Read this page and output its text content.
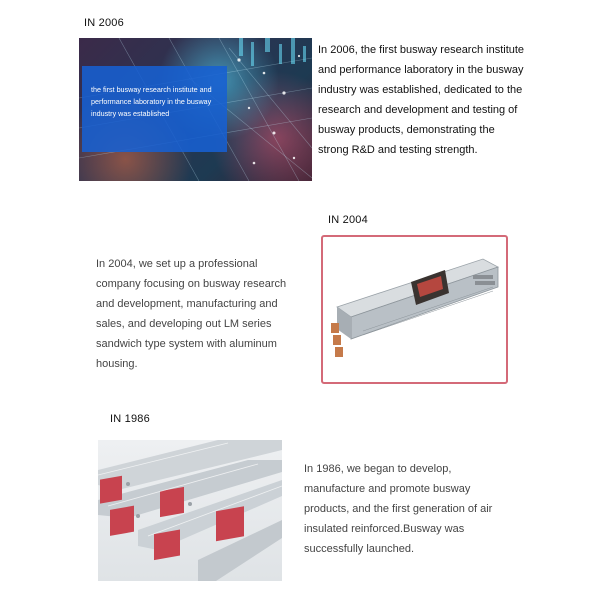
IN 2006
the first busway research institute and performance laboratory in the busway industry was established
In 2006, the first busway research institute and performance laboratory in the busway industry was established, dedicated to the research and development and testing of busway products, demonstrating the strong R&D and testing strength.
IN 2004
In 2004, we set up a professional company focusing on busway research and development, manufacturing and sales, and developing out LM series sandwich type system with aluminum housing.
IN 1986
In 1986, we began to develop, manufacture and promote busway products, and the first generation of air insulated reinforced.Busway was successfully launched.
